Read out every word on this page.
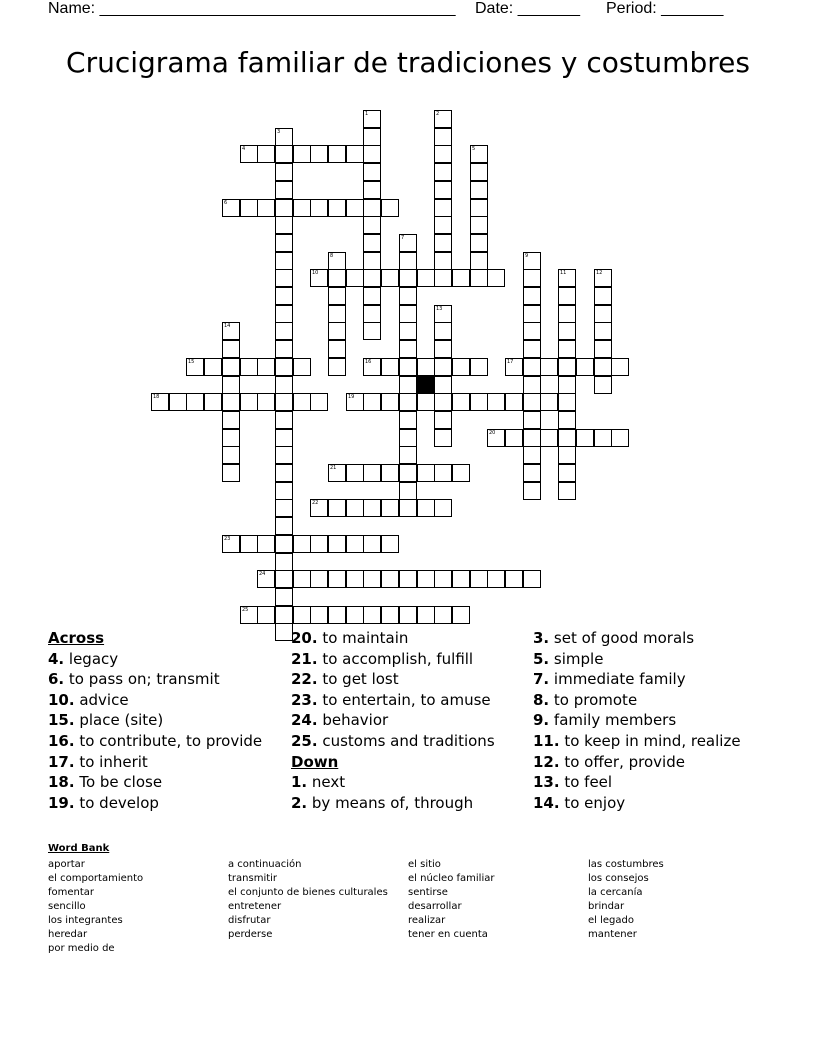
Name: ________________________________________ Date: _______ Period: _______
Crucigrama familiar de tradiciones y costumbres
1	2
3
4	5
6
7
8	9
10	11	12
13
14
15	16	17
18	19
20
21
22
23
24
25
Across
4. legacy
6. to pass on; transmit
10. advice
15. place (site)
16. to contribute, to provide
17. to inherit
18. To be close
19. to develop
20. to maintain
21. to accomplish, fulfill
22. to get lost
23. to entertain, to amuse
24. behavior
25. customs and traditions
Down
1. next
2. by means of, through
3. set of good morals
5. simple
7. immediate family
8. to promote
9. family members
11. to keep in mind, realize
12. to offer, provide
13. to feel
14. to enjoy
Word Bank
aportar
el comportamiento
fomentar
sencillo
los integrantes
heredar
por medio de
a continuación
transmitir
el conjunto de bienes culturales
entretener
disfrutar
perderse
el sitio
el núcleo familiar
sentirse
desarrollar
realizar
tener en cuenta
las costumbres
los consejos
la cercanía
brindar
el legado
mantener
